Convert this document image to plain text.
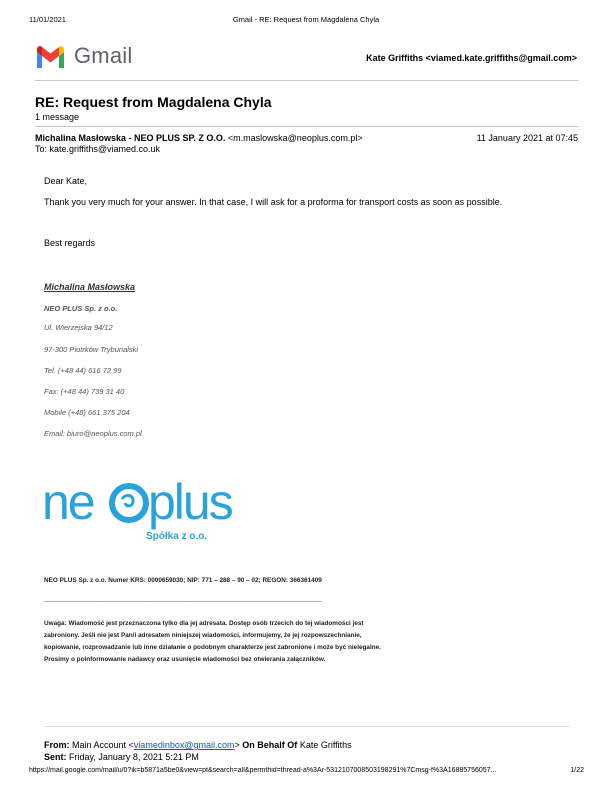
11/01/2021	Gmail - RE: Request from Magdalena Chyla
Gmail	Kate Griffiths <viamed.kate.griffiths@gmail.com>
RE: Request from Magdalena Chyla
1 message
Michalina Masłowska - NEO PLUS SP. Z O.O. <m.maslowska@neoplus.com.pl>	11 January 2021 at 07:45
To: kate.griffiths@viamed.co.uk
Dear Kate,
Thank you very much for your answer. In that case, I will ask for a proforma for transport costs as soon as possible.
Best regards
Michalina Masłowska
NEO PLUS Sp. z o.o.
Ul. Wierzejska 94/12
97-300 Piotrków Trybunalski
Tel. (+48 44) 616 72 99
Fax: (+48 44) 739 31 40
Mobile (+48) 661 375 204
Email: biuro@neoplus.com.pl
ne plus
Spółka z o.o.
NEO PLUS Sp. z o.o. Numer KRS: 0000659030; NIP: 771 – 288 – 90 – 02; REGON: 366361409
———————————————————————————————————————————————
Uwaga: Wiadomość jest przeznaczona tylko dla jej adresata. Dostęp osób trzecich do tej wiadomości jest
zabroniony. Jeśli nie jest Pan/i adresatem niniejszej wiadomości, informujemy, że jej rozpowszechnianie,
kopiowanie, rozprowadzanie lub inne działanie o podobnym charakterze jest zabronione i może być nielegalne.
Prosimy o poinformowanie nadawcy oraz usunięcie wiadomości bez otwierania załączników.
From: Main Account <viamedinbox@gmail.com> On Behalf Of Kate Griffiths
Sent: Friday, January 8, 2021 5:21 PM
https://mail.google.com/mail/u/0?ik=b5871a5be0&view=pt&search=all&permthid=thread-a%3Ar-5312107008503198291%7Cmsg-f%3A16885756057...	1/22
